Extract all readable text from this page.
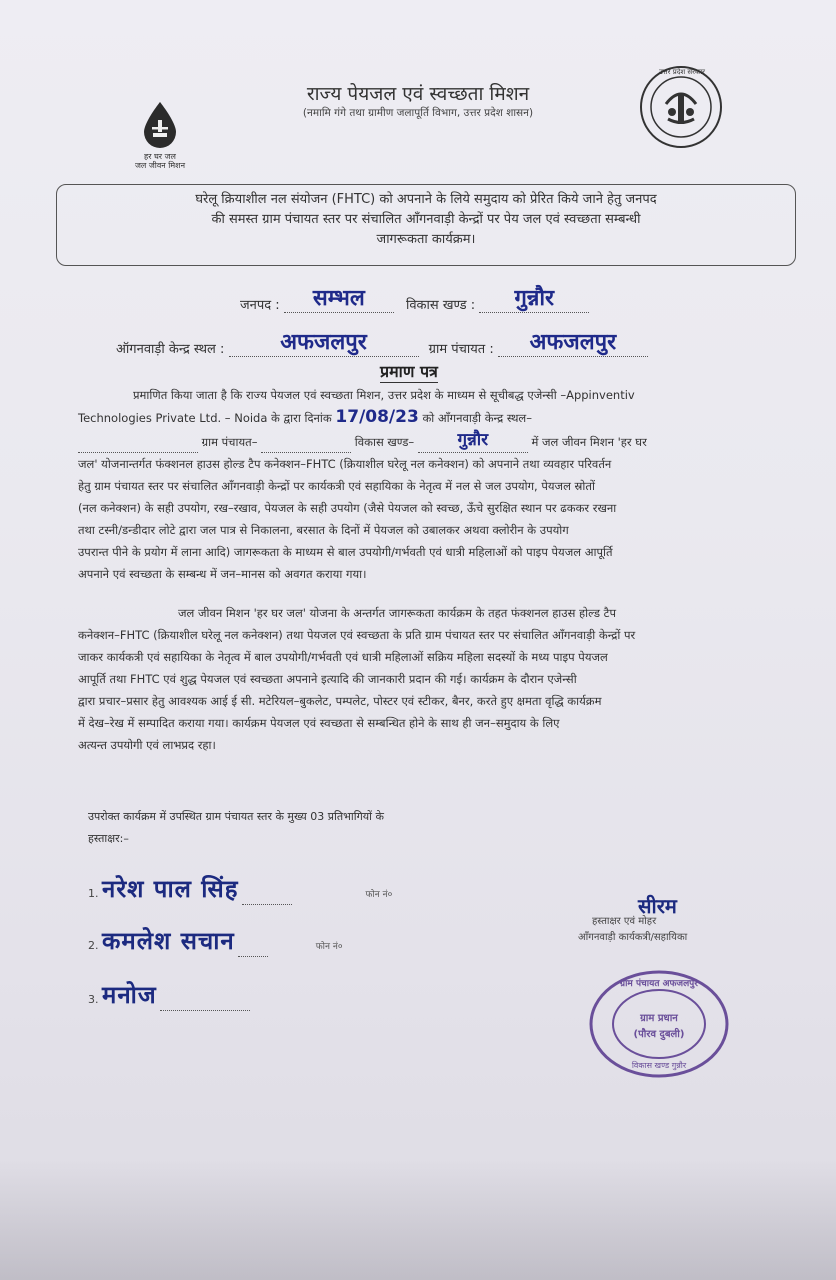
हर घर जल
जल जीवन मिशन
राज्य पेयजल एवं स्वच्छता मिशन
(नमामि गंगे तथा ग्रामीण जलापूर्ति विभाग, उत्तर प्रदेश शासन)
उत्तर प्रदेश सरकार
घरेलू क्रियाशील नल संयोजन (FHTC) को अपनाने के लिये समुदाय को प्रेरित किये जाने हेतु जनपद
की समस्त ग्राम पंचायत स्तर पर संचालित आँगनवाड़ी केन्द्रों पर पेय जल एवं स्वच्छता सम्बन्धी
जागरूकता कार्यक्रम।
जनपद : सम्भल	विकास खण्ड : गुन्नौर
ऑगनवाड़ी केन्द्र स्थल :	अफजलपुर	ग्राम पंचायत : अफजलपुर
प्रमाण पत्र
प्रमाणित किया जाता है कि राज्य पेयजल एवं स्वच्छता मिशन, उत्तर प्रदेश के माध्यम से सूचीबद्ध एजेन्सी –Appinventiv
Technologies Private Ltd. – Noida के द्वारा दिनांक 17/08/23 को आँगनवाड़ी केन्द्र स्थल–
ग्राम पंचायत–	विकास खण्ड–	गुन्नौर	में जल जीवन मिशन 'हर घर
जल' योजनान्तर्गत फंक्शनल हाउस होल्ड टैप कनेक्शन–FHTC (क्रियाशील घरेलू नल कनेक्शन) को अपनाने तथा व्यवहार परिवर्तन
हेतु ग्राम पंचायत स्तर पर संचालित आँगनवाड़ी केन्द्रों पर कार्यकत्री एवं सहायिका के नेतृत्व में नल से जल उपयोग, पेयजल स्रोतों
(नल कनेक्शन) के सही उपयोग, रख–रखाव, पेयजल के सही उपयोग (जैसे पेयजल को स्वच्छ, ऊँचे सुरक्षित स्थान पर ढककर रखना
तथा टस्नी/डन्डीदार लोटे द्वारा जल पात्र से निकालना, बरसात के दिनों में पेयजल को उबालकर अथवा क्लोरीन के उपयोग
उपरान्त पीने के प्रयोग में लाना आदि) जागरूकता के माध्यम से बाल उपयोगी/गर्भवती एवं धात्री महिलाओं को पाइप पेयजल आपूर्ति
अपनाने एवं स्वच्छता के सम्बन्ध में जन–मानस को अवगत कराया गया।
जल जीवन मिशन 'हर घर जल' योजना के अन्तर्गत जागरूकता कार्यक्रम के तहत फंक्शनल हाउस होल्ड टैप
कनेक्शन–FHTC (क्रियाशील घरेलू नल कनेक्शन) तथा पेयजल एवं स्वच्छता के प्रति ग्राम पंचायत स्तर पर संचालित आँगनवाड़ी केन्द्रों पर
जाकर कार्यकत्री एवं सहायिका के नेतृत्व में बाल उपयोगी/गर्भवती एवं धात्री महिलाओं सक्रिय महिला सदस्यों के मध्य पाइप पेयजल
आपूर्ति तथा FHTC एवं शुद्ध पेयजल एवं स्वच्छता अपनाने इत्यादि की जानकारी प्रदान की गई। कार्यक्रम के दौरान एजेन्सी
द्वारा प्रचार–प्रसार हेतु आवश्यक आई ई सी. मटेरियल–बुकलेट, पम्पलेट, पोस्टर एवं स्टीकर, बैनर, करते हुए क्षमता वृद्धि कार्यक्रम
में देख–रेख में सम्पादित कराया गया। कार्यक्रम पेयजल एवं स्वच्छता से सम्बन्धित होने के साथ ही जन–समुदाय के लिए
अत्यन्त उपयोगी एवं लाभप्रद रहा।
उपरोक्त कार्यक्रम में उपस्थित ग्राम पंचायत स्तर के मुख्य 03 प्रतिभागियों के
हस्ताक्षर:–
1. नरेश पाल सिंह	फोन नं०
2. कमलेश सचान	फोन नं०
3. मनोज
सीरम
हस्ताक्षर एवं मोहर
आँगनवाड़ी कार्यकत्री/सहायिका
ग्राम पंचायत अफजलपुर
ग्राम प्रधान
(पौरव दुबली)
विकास खण्ड गुन्नौर
